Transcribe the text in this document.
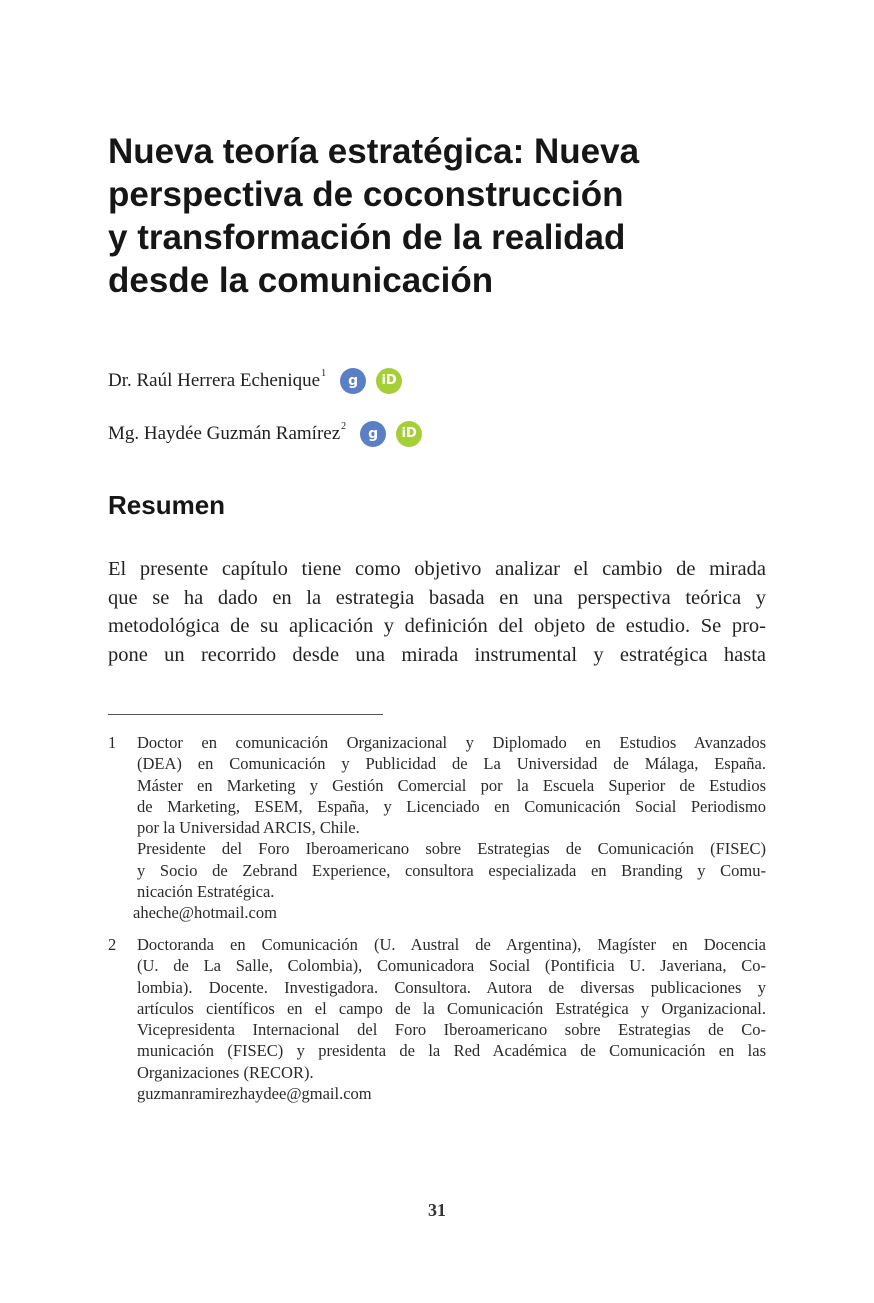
Nueva teoría estratégica: Nueva
perspectiva de coconstrucción
y transformación de la realidad
desde la comunicación
Dr. Raúl Herrera Echenique$^1$	g	iD
Mg. Haydée Guzmán Ramírez$^2$	g	iD
Resumen
El presente capítulo tiene como objetivo analizar el cambio de mirada
que se ha dado en la estrategia basada en una perspectiva teórica y
metodológica de su aplicación y definición del objeto de estudio. Se pro-
pone un recorrido desde una mirada instrumental y estratégica hasta
1 Doctor en comunicación Organizacional y Diplomado en Estudios Avanzados
(DEA) en Comunicación y Publicidad de La Universidad de Málaga, España.
Máster en Marketing y Gestión Comercial por la Escuela Superior de Estudios
de Marketing, ESEM, España, y Licenciado en Comunicación Social Periodismo
por la Universidad ARCIS, Chile.
Presidente del Foro Iberoamericano sobre Estrategias de Comunicación (FISEC)
y Socio de Zebrand Experience, consultora especializada en Branding y Comu-
nicación Estratégica.
aheche@hotmail.com
2 Doctoranda en Comunicación (U. Austral de Argentina), Magíster en Docencia
(U. de La Salle, Colombia), Comunicadora Social (Pontificia U. Javeriana, Co-
lombia). Docente. Investigadora. Consultora. Autora de diversas publicaciones y
artículos científicos en el campo de la Comunicación Estratégica y Organizacional.
Vicepresidenta Internacional del Foro Iberoamericano sobre Estrategias de Co-
municación (FISEC) y presidenta de la Red Académica de Comunicación en las
Organizaciones (RECOR).
guzmanramirezhaydee@gmail.com
31
